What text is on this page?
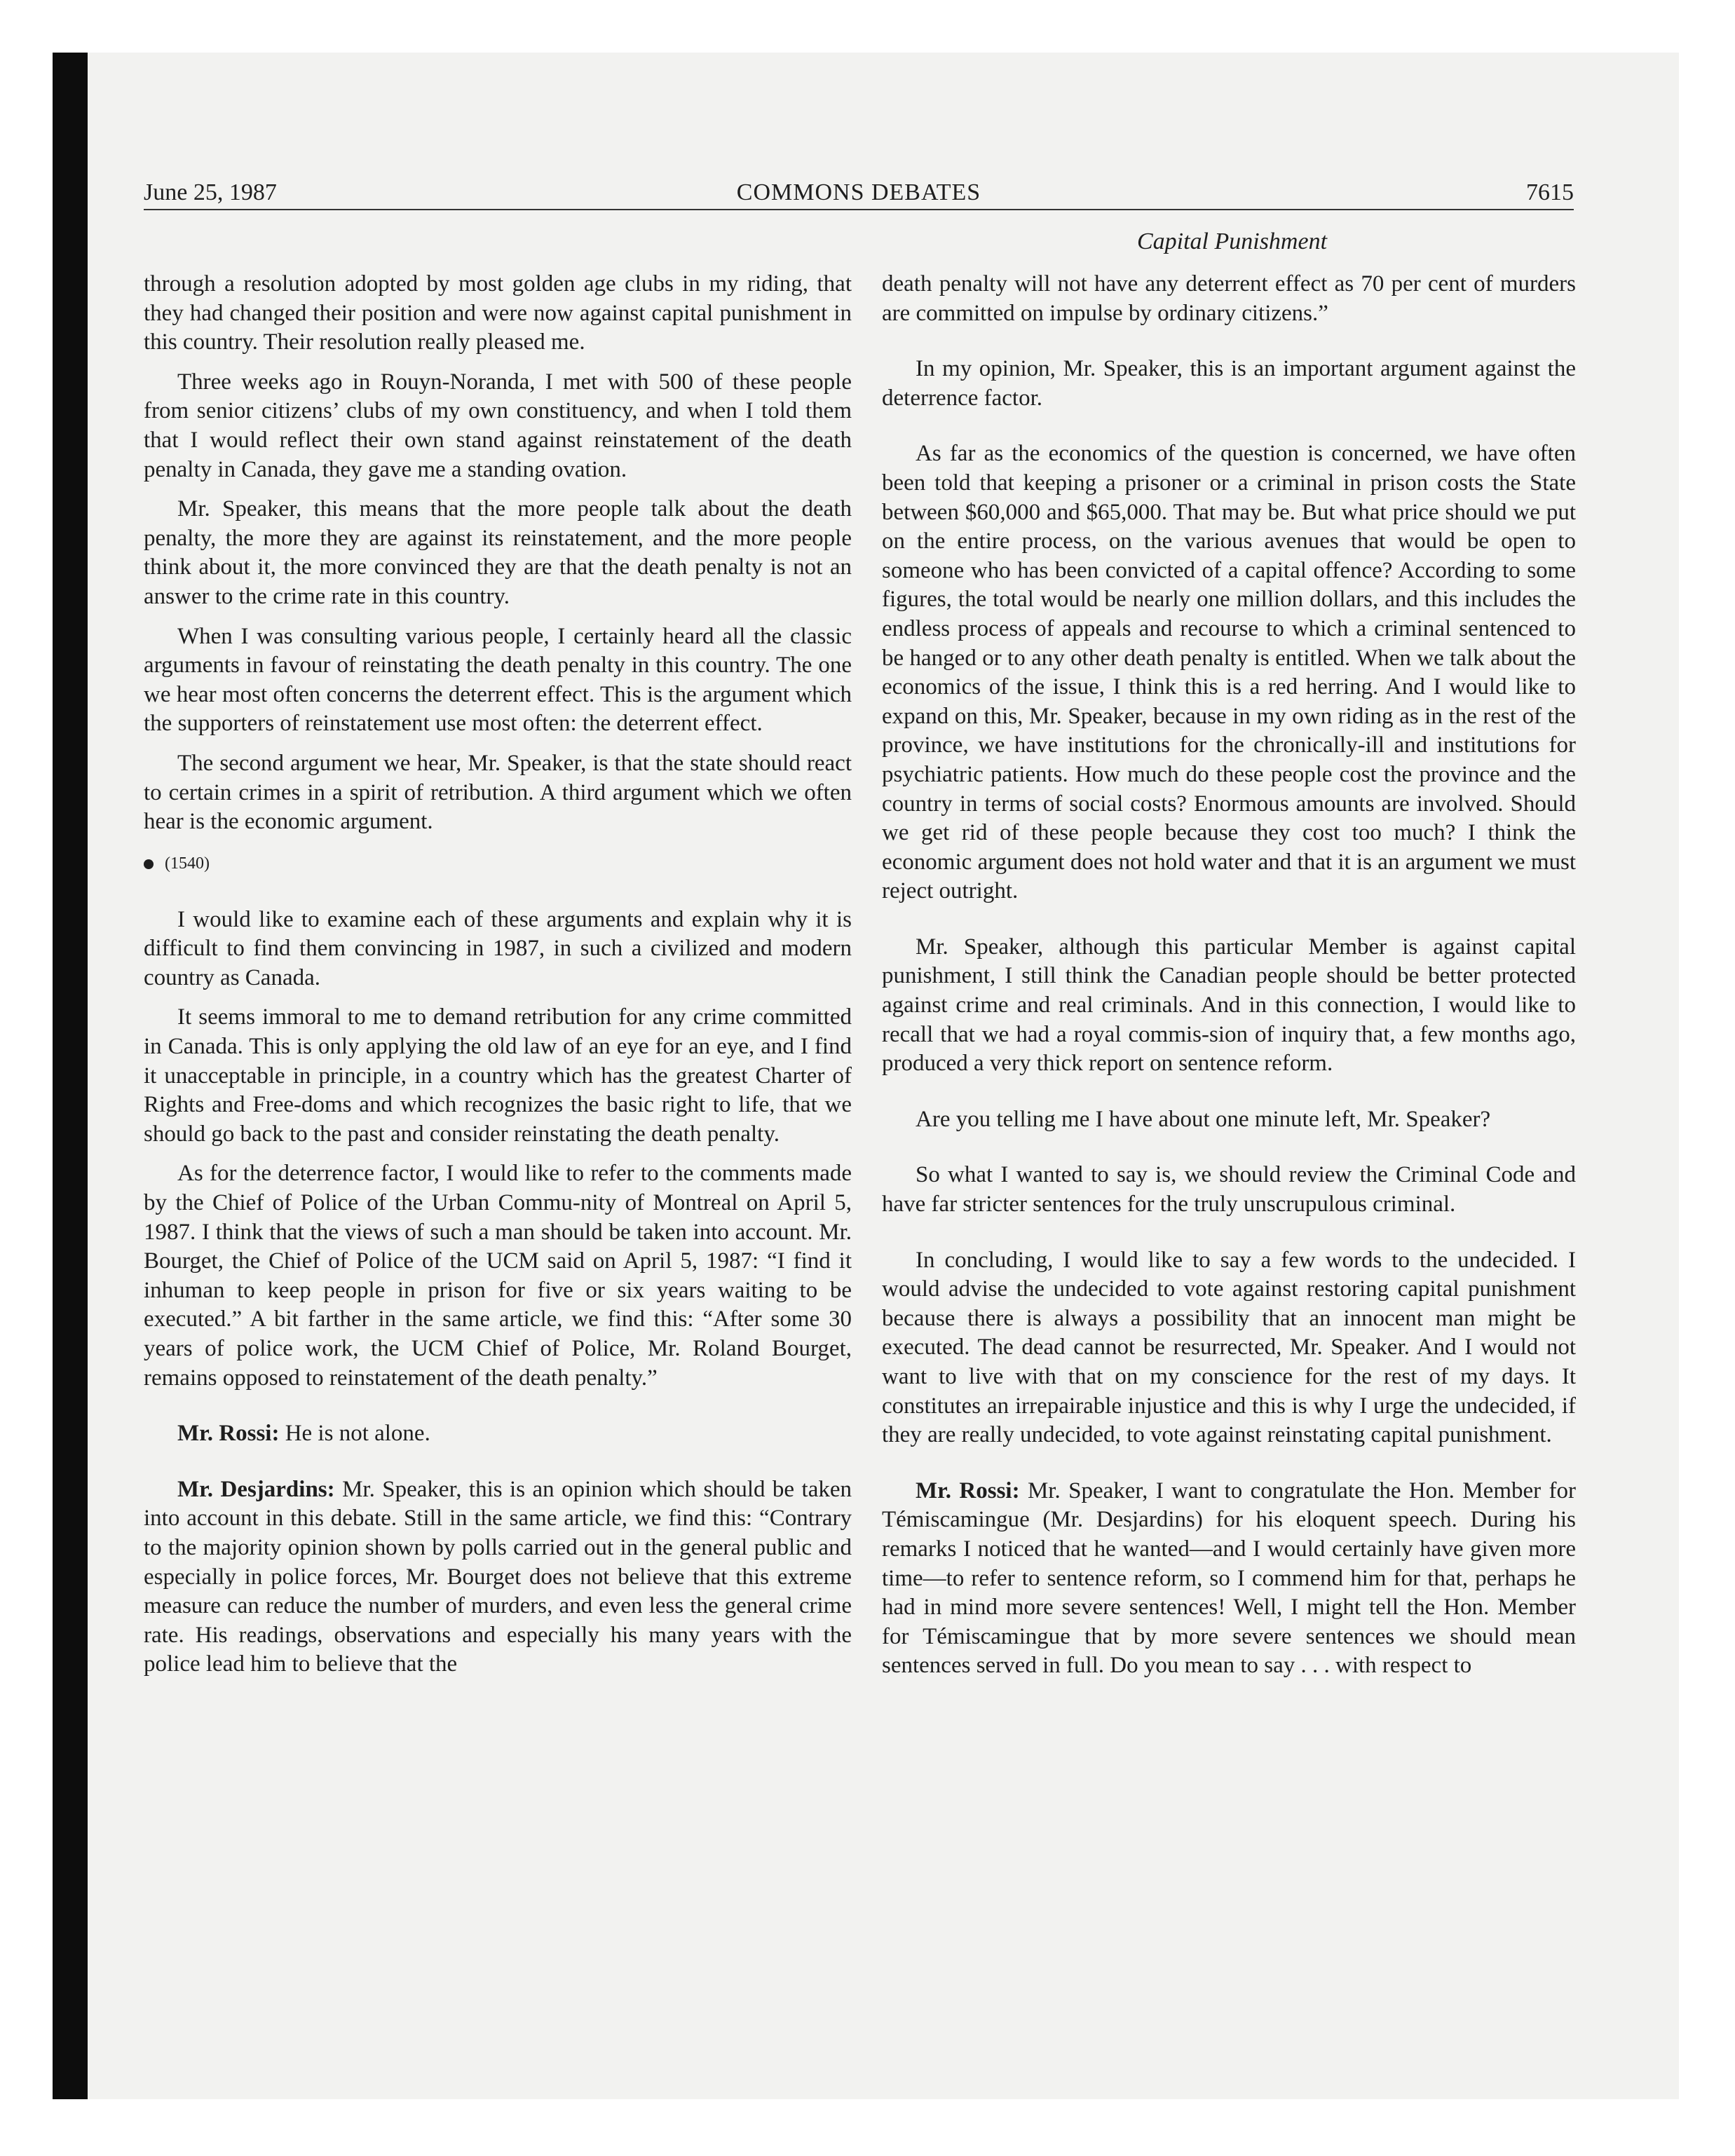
June 25, 1987	COMMONS DEBATES	7615
Capital Punishment

through a resolution adopted by most golden age clubs in my riding, that they had changed their position and were now against capital punishment in this country. Their resolution really pleased me.

Three weeks ago in Rouyn-Noranda, I met with 500 of these people from senior citizens’ clubs of my own constituency, and when I told them that I would reflect their own stand against reinstatement of the death penalty in Canada, they gave me a standing ovation.

Mr. Speaker, this means that the more people talk about the death penalty, the more they are against its reinstatement, and the more people think about it, the more convinced they are that the death penalty is not an answer to the crime rate in this country.

When I was consulting various people, I certainly heard all the classic arguments in favour of reinstating the death penalty in this country. The one we hear most often concerns the deterrent effect. This is the argument which the supporters of reinstatement use most often: the deterrent effect.

The second argument we hear, Mr. Speaker, is that the state should react to certain crimes in a spirit of retribution. A third argument which we often hear is the economic argument.

(1540)

I would like to examine each of these arguments and explain why it is difficult to find them convincing in 1987, in such a civilized and modern country as Canada.

It seems immoral to me to demand retribution for any crime committed in Canada. This is only applying the old law of an eye for an eye, and I find it unacceptable in principle, in a country which has the greatest Charter of Rights and Free-doms and which recognizes the basic right to life, that we should go back to the past and consider reinstating the death penalty.

As for the deterrence factor, I would like to refer to the comments made by the Chief of Police of the Urban Commu-nity of Montreal on April 5, 1987. I think that the views of such a man should be taken into account. Mr. Bourget, the Chief of Police of the UCM said on April 5, 1987: “I find it inhuman to keep people in prison for five or six years waiting to be executed.” A bit farther in the same article, we find this: “After some 30 years of police work, the UCM Chief of Police, Mr. Roland Bourget, remains opposed to reinstatement of the death penalty.”

Mr. Rossi: He is not alone.

Mr. Desjardins: Mr. Speaker, this is an opinion which should be taken into account in this debate. Still in the same article, we find this: “Contrary to the majority opinion shown by polls carried out in the general public and especially in police forces, Mr. Bourget does not believe that this extreme measure can reduce the number of murders, and even less the general crime rate. His readings, observations and especially his many years with the police lead him to believe that the

death penalty will not have any deterrent effect as 70 per cent of murders are committed on impulse by ordinary citizens.”

In my opinion, Mr. Speaker, this is an important argument against the deterrence factor.

As far as the economics of the question is concerned, we have often been told that keeping a prisoner or a criminal in prison costs the State between $60,000 and $65,000. That may be. But what price should we put on the entire process, on the various avenues that would be open to someone who has been convicted of a capital offence? According to some figures, the total would be nearly one million dollars, and this includes the endless process of appeals and recourse to which a criminal sentenced to be hanged or to any other death penalty is entitled. When we talk about the economics of the issue, I think this is a red herring. And I would like to expand on this, Mr. Speaker, because in my own riding as in the rest of the province, we have institutions for the chronically-ill and institutions for psychiatric patients. How much do these people cost the province and the country in terms of social costs? Enormous amounts are involved. Should we get rid of these people because they cost too much? I think the economic argument does not hold water and that it is an argument we must reject outright.

Mr. Speaker, although this particular Member is against capital punishment, I still think the Canadian people should be better protected against crime and real criminals. And in this connection, I would like to recall that we had a royal commis-sion of inquiry that, a few months ago, produced a very thick report on sentence reform.

Are you telling me I have about one minute left, Mr. Speaker?

So what I wanted to say is, we should review the Criminal Code and have far stricter sentences for the truly unscrupulous criminal.

In concluding, I would like to say a few words to the undecided. I would advise the undecided to vote against restoring capital punishment because there is always a possibility that an innocent man might be executed. The dead cannot be resurrected, Mr. Speaker. And I would not want to live with that on my conscience for the rest of my days. It constitutes an irrepairable injustice and this is why I urge the undecided, if they are really undecided, to vote against reinstating capital punishment.

Mr. Rossi: Mr. Speaker, I want to congratulate the Hon. Member for Témiscamingue (Mr. Desjardins) for his eloquent speech. During his remarks I noticed that he wanted—and I would certainly have given more time—to refer to sentence reform, so I commend him for that, perhaps he had in mind more severe sentences! Well, I might tell the Hon. Member for Témiscamingue that by more severe sentences we should mean sentences served in full. Do you mean to say . . . with respect to
